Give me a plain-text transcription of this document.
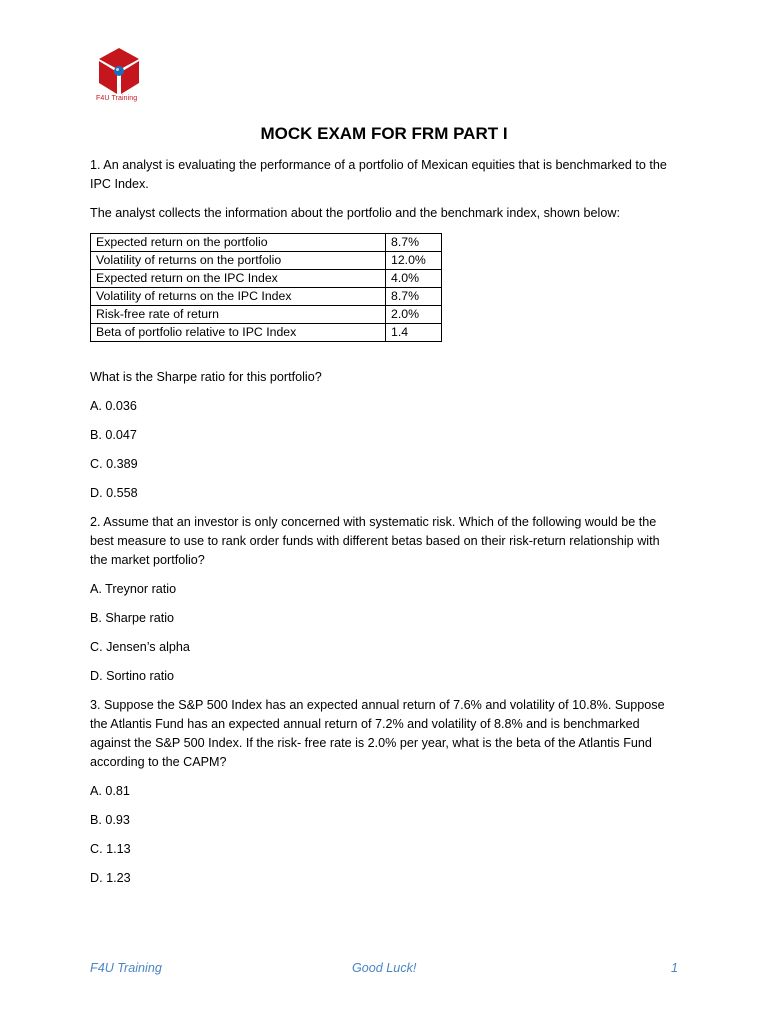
F4U Training
MOCK EXAM FOR FRM PART I

1. An analyst is evaluating the performance of a portfolio of Mexican equities that is benchmarked to the IPC Index.

The analyst collects the information about the portfolio and the benchmark index, shown below:

Expected return on the portfolio	8.7%
Volatility of returns on the portfolio	12.0%
Expected return on the IPC Index	4.0%
Volatility of returns on the IPC Index	8.7%
Risk-free rate of return	2.0%
Beta of portfolio relative to IPC Index	1.4

What is the Sharpe ratio for this portfolio?

A. 0.036

B. 0.047

C. 0.389

D. 0.558

2. Assume that an investor is only concerned with systematic risk. Which of the following would be the best measure to use to rank order funds with different betas based on their risk-return relationship with the market portfolio?

A. Treynor ratio

B. Sharpe ratio

C. Jensen’s alpha

D. Sortino ratio

3. Suppose the S&P 500 Index has an expected annual return of 7.6% and volatility of 10.8%. Suppose the Atlantis Fund has an expected annual return of 7.2% and volatility of 8.8% and is benchmarked against the S&P 500 Index. If the risk- free rate is 2.0% per year, what is the beta of the Atlantis Fund according to the CAPM?

A. 0.81

B. 0.93

C. 1.13

D. 1.23

F4U Training	Good Luck!	1
